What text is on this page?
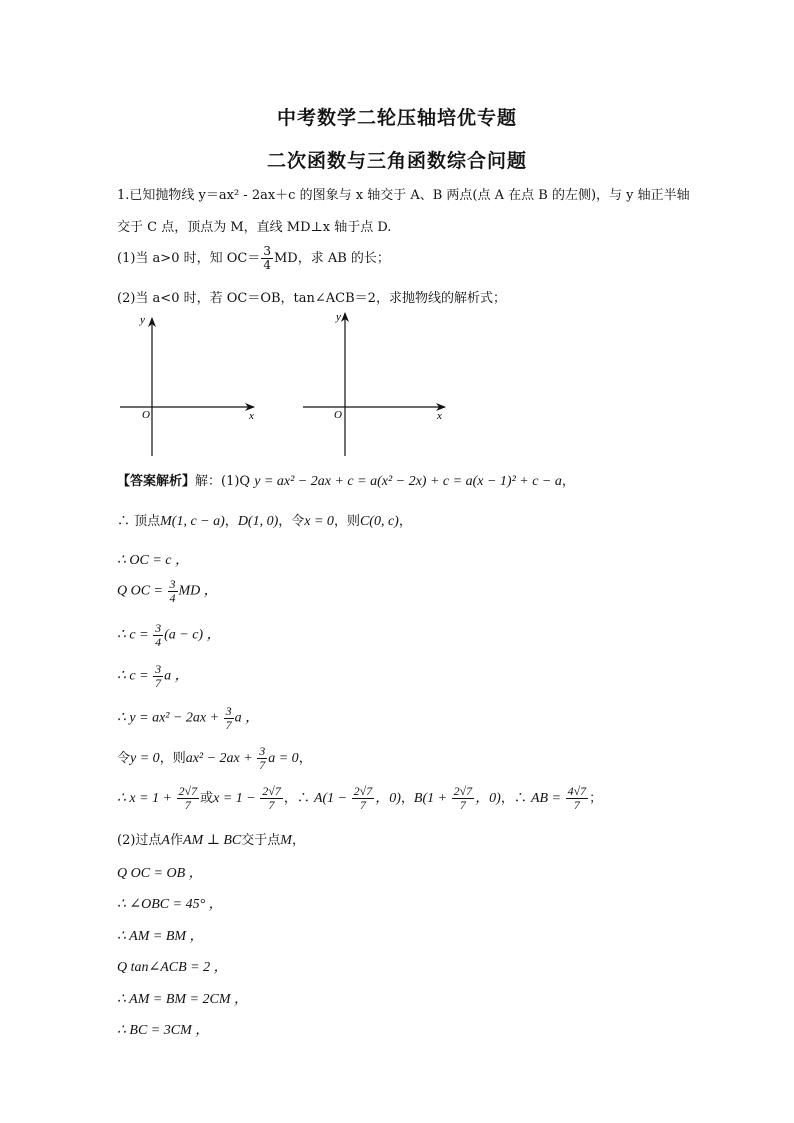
中考数学二轮压轴培优专题
二次函数与三角函数综合问题
1.已知抛物线 y＝ax² - 2ax＋c 的图象与 x 轴交于 A、B 两点(点 A 在点 B 的左侧)，与 y 轴正半轴
交于 C 点，顶点为 M，直线 MD⊥x 轴于点 D.
(1)当 a>0 时，知 $OC= \frac{3}{4}$ MD，求 AB 的长；
(2)当 a<0 时，若 OC＝OB，tan∠ACB＝2，求抛物线的解析式；
y
x
O
y
x
O
【答案解析】解：(1)Q y = ax² − 2ax + c = a(x² − 2x) + c = a(x − 1)² + c − a，
∴ 顶点M(1, c − a)，D(1, 0)，令x = 0，则C(0, c)，
∴ OC = c ，
Q OC = $\frac{3}{4}$ MD ，
∴ $c = \frac{3}{4} (a - c)$ ，
∴ $c = \frac{3}{7}$ a ，
∴ $y = ax^2 - 2ax + \frac{3}{7}$ a ，
令y = 0，则$ax^2 - 2ax + \frac{3}{7}$ a = 0，
∴ $x = 1 + \frac{2√7}{7}$ 或$x = 1 - \frac{2√7}{7}$ ，∴ $A(1 - \frac{2√7}{7}$ ，0)，$B(1 + \frac{2√7}{7}$ ，0)，∴ AB = $\frac{4√7}{7}$ ；
(2)过点A作AM ⊥ BC交于点M，
Q OC = OB ，
∴ ∠OBC = 45° ，
∴ AM = BM ，
Q tan∠ACB = 2 ，
∴ AM = BM = 2CM ，
∴ BC = 3CM ，
